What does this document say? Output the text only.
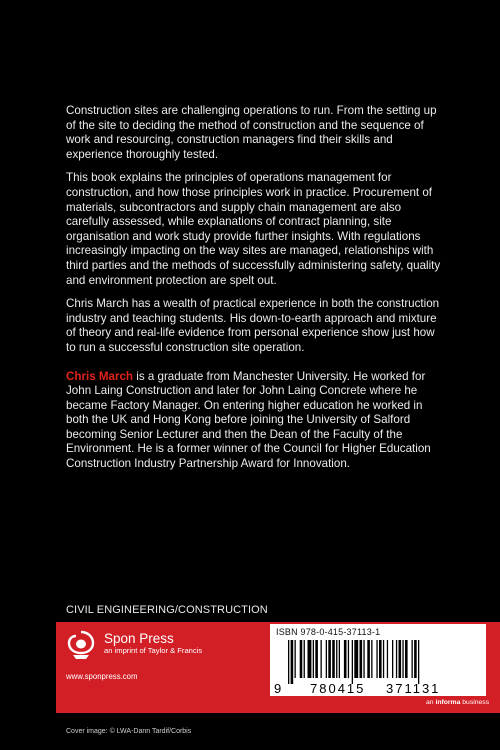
Construction sites are challenging operations to run. From the setting up of the site to deciding the method of construction and the sequence of work and resourcing, construction managers find their skills and experience thoroughly tested.

This book explains the principles of operations management for construction, and how those principles work in practice. Procurement of materials, subcontractors and supply chain management are also carefully assessed, while explanations of contract planning, site organisation and work study provide further insights. With regulations increasingly impacting on the way sites are managed, relationships with third parties and the methods of successfully administering safety, quality and environment protection are spelt out.

Chris March has a wealth of practical experience in both the construction industry and teaching students. His down-to-earth approach and mixture of theory and real-life evidence from personal experience show just how to run a successful construction site operation.

Chris March is a graduate from Manchester University. He worked for John Laing Construction and later for John Laing Concrete where he became Factory Manager. On entering higher education he worked in both the UK and Hong Kong before joining the University of Salford becoming Senior Lecturer and then the Dean of the Faculty of the Environment. He is a former winner of the Council for Higher Education Construction Industry Partnership Award for Innovation.

CIVIL ENGINEERING/CONSTRUCTION
Spon Press
an imprint of Taylor & Francis
www.sponpress.com
ISBN 978-0-415-37113-1
9 780415 371131
an informa business
Cover image: © LWA-Dann Tardif/Corbis
